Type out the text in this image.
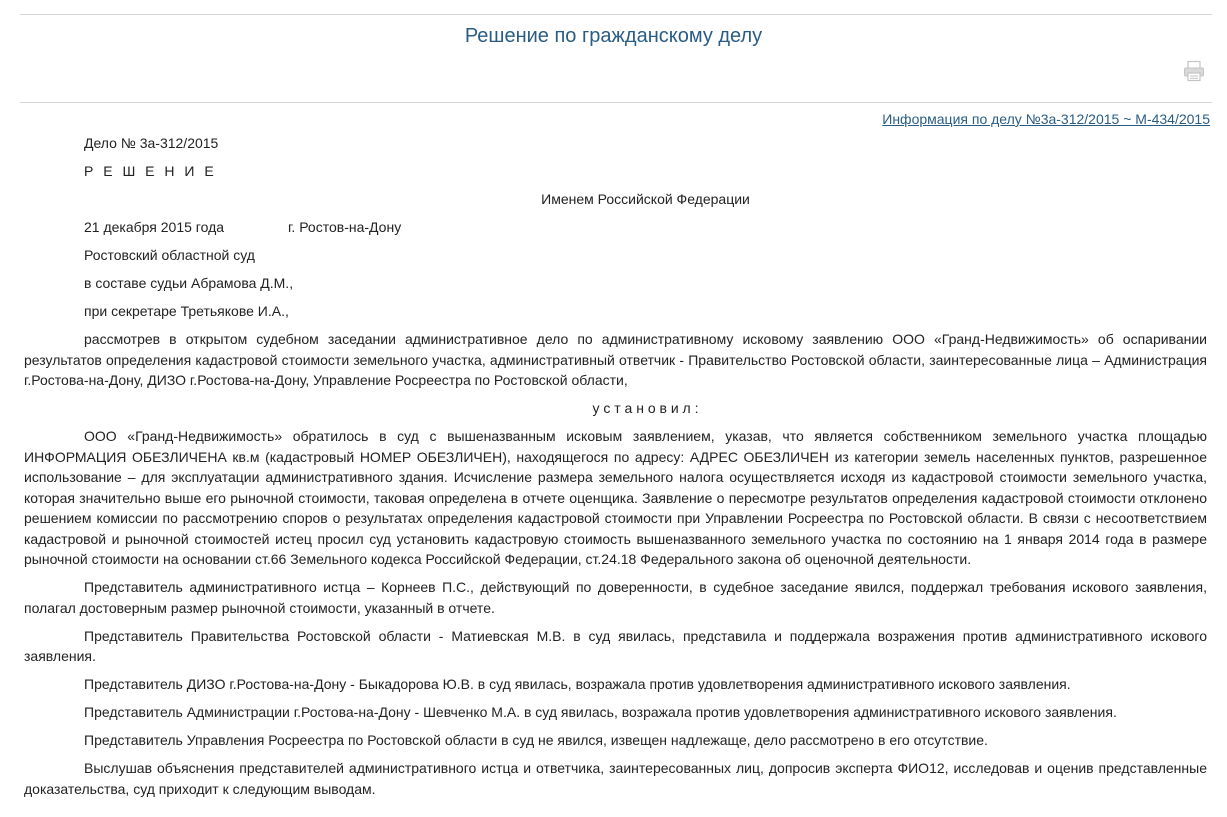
Решение по гражданскому делу
Информация по делу №3а-312/2015 ~ М-434/2015

Дело № 3а-312/2015

Р Е Ш Е Н И Е

Именем Российской Федерации

21 декабря 2015 года	г. Ростов-на-Дону

Ростовский областной суд

в составе судьи Абрамова Д.М.,

при секретаре Третьякове И.А.,

рассмотрев в открытом судебном заседании административное дело по административному исковому заявлению ООО «Гранд-Недвижимость» об оспаривании результатов определения кадастровой стоимости земельного участка, административный ответчик - Правительство Ростовской области, заинтересованные лица – Администрация г.Ростова-на-Дону, ДИЗО г.Ростова-на-Дону, Управление Росреестра по Ростовской области,

у с т а н о в и л :

ООО «Гранд-Недвижимость» обратилось в суд с вышеназванным исковым заявлением, указав, что является собственником земельного участка площадью ИНФОРМАЦИЯ ОБЕЗЛИЧЕНА кв.м (кадастровый НОМЕР ОБЕЗЛИЧЕН), находящегося по адресу: АДРЕС ОБЕЗЛИЧЕН из категории земель населенных пунктов, разрешенное использование – для эксплуатации административного здания. Исчисление размера земельного налога осуществляется исходя из кадастровой стоимости земельного участка, которая значительно выше его рыночной стоимости, таковая определена в отчете оценщика. Заявление о пересмотре результатов определения кадастровой стоимости отклонено решением комиссии по рассмотрению споров о результатах определения кадастровой стоимости при Управлении Росреестра по Ростовской области. В связи с несоответствием кадастровой и рыночной стоимостей истец просил суд установить кадастровую стоимость вышеназванного земельного участка по состоянию на 1 января 2014 года в размере рыночной стоимости на основании ст.66 Земельного кодекса Российской Федерации, ст.24.18 Федерального закона об оценочной деятельности.

Представитель административного истца – Корнеев П.С., действующий по доверенности, в судебное заседание явился, поддержал требования искового заявления, полагал достоверным размер рыночной стоимости, указанный в отчете.

Представитель Правительства Ростовской области - Матиевская М.В. в суд явилась, представила и поддержала возражения против административного искового заявления.

Представитель ДИЗО г.Ростова-на-Дону - Быкадорова Ю.В. в суд явилась, возражала против удовлетворения административного искового заявления.

Представитель Администрации г.Ростова-на-Дону - Шевченко М.А. в суд явилась, возражала против удовлетворения административного искового заявления.

Представитель Управления Росреестра по Ростовской области в суд не явился, извещен надлежаще, дело рассмотрено в его отсутствие.

Выслушав объяснения представителей административного истца и ответчика, заинтересованных лиц, допросив эксперта ФИО12, исследовав и оценив представленные доказательства, суд приходит к следующим выводам.
